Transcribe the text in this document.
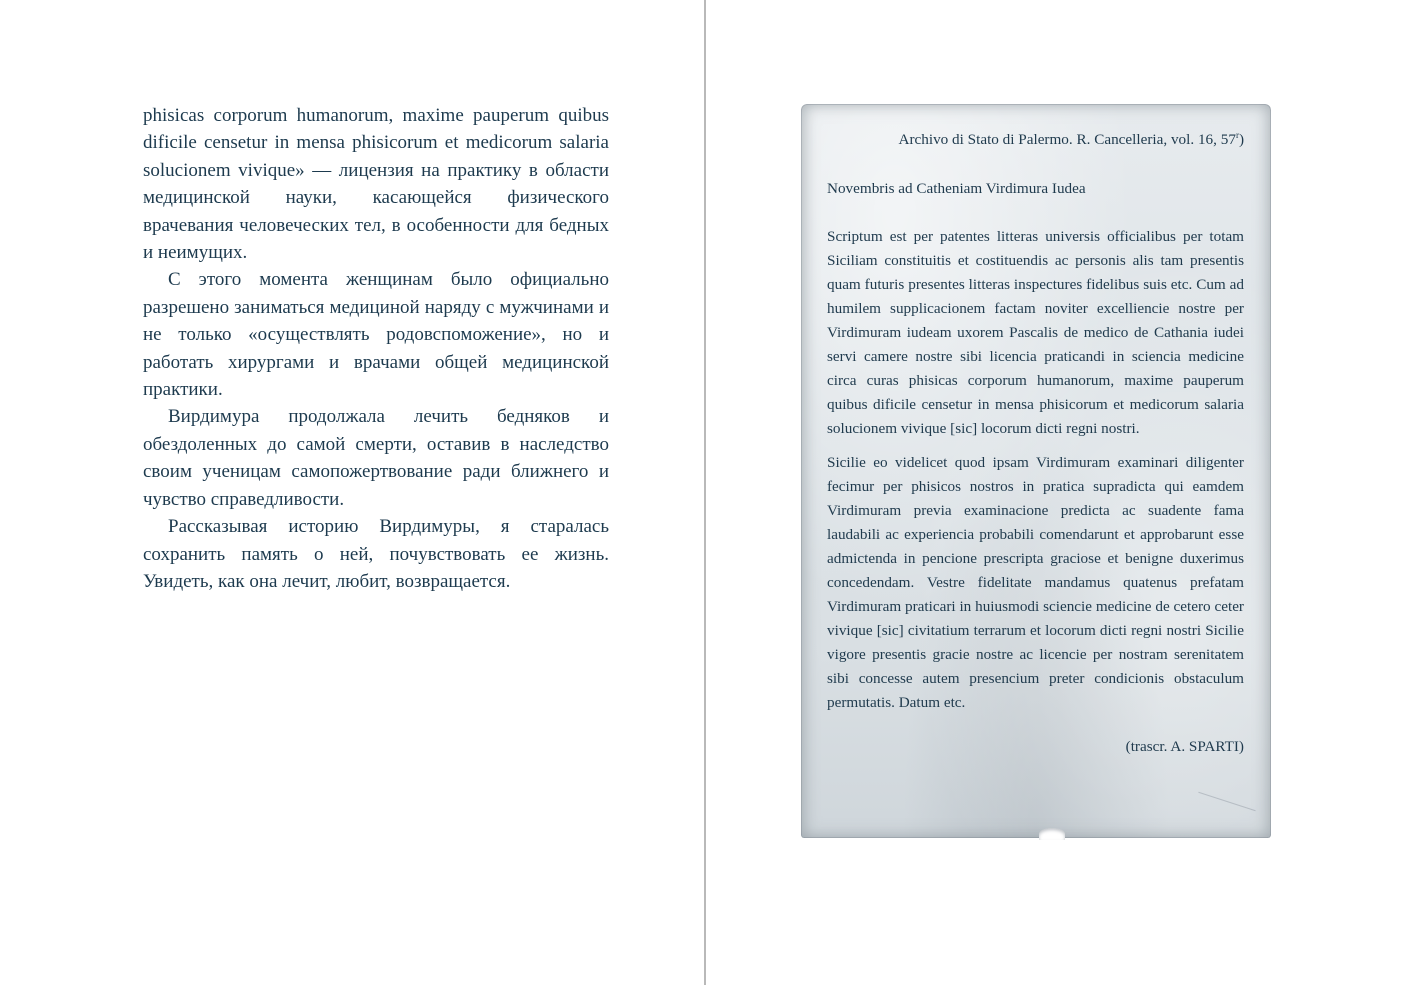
phisicas corporum humanorum, maxime pauperum quibus dificile censetur in mensa phisicorum et medicorum salaria solucionem vivique» — лицензия на практику в области медицинской науки, касающейся физического врачевания человеческих тел, в особенности для бедных и неимущих.

С этого момента женщинам было официально разрешено заниматься медициной наряду с мужчинами и не только «осуществлять родовспоможение», но и работать хирургами и врачами общей медицинской практики.

Вирдимура продолжала лечить бедняков и обездоленных до самой смерти, оставив в наследство своим ученицам самопожертвование ради ближнего и чувство справедливости.

Рассказывая историю Вирдимуры, я старалась сохранить память о ней, почувствовать ее жизнь. Увидеть, как она лечит, любит, возвращается.

Archivo di Stato di Palermo. R. Cancelleria, vol. 16, 57$^r$)

Novembris ad Catheniam Virdimura Iudea

Scriptum est per patentes litteras universis officialibus per totam Siciliam constituitis et costituendis ac personis alis tam presentis quam futuris presentes litteras inspectures fidelibus suis etc. Cum ad humilem supplicacionem factam noviter excelliencie nostre per Virdimuram iudeam uxorem Pascalis de medico de Cathania iudei servi camere nostre sibi licencia praticandi in sciencia medicine circa curas phisicas corporum humanorum, maxime pauperum quibus dificile censetur in mensa phisicorum et medicorum salaria solucionem vivique [sic] locorum dicti regni nostri.

Sicilie eo videlicet quod ipsam Virdimuram examinari diligenter fecimur per phisicos nostros in pratica supradicta qui eamdem Virdimuram previa examinacione predicta ac suadente fama laudabili ac experiencia probabili comendarunt et approbarunt esse admictenda in pencione prescripta graciose et benigne duxerimus concedendam. Vestre fidelitate mandamus quatenus prefatam Virdimuram praticari in huiusmodi sciencie medicine de cetero ceter vivique [sic] civitatium terrarum et locorum dicti regni nostri Sicilie vigore presentis gracie nostre ac licencie per nostram serenitatem sibi concesse autem presencium preter condicionis obstaculum permutatis. Datum etc.

(trascr. A. SPARTI)
